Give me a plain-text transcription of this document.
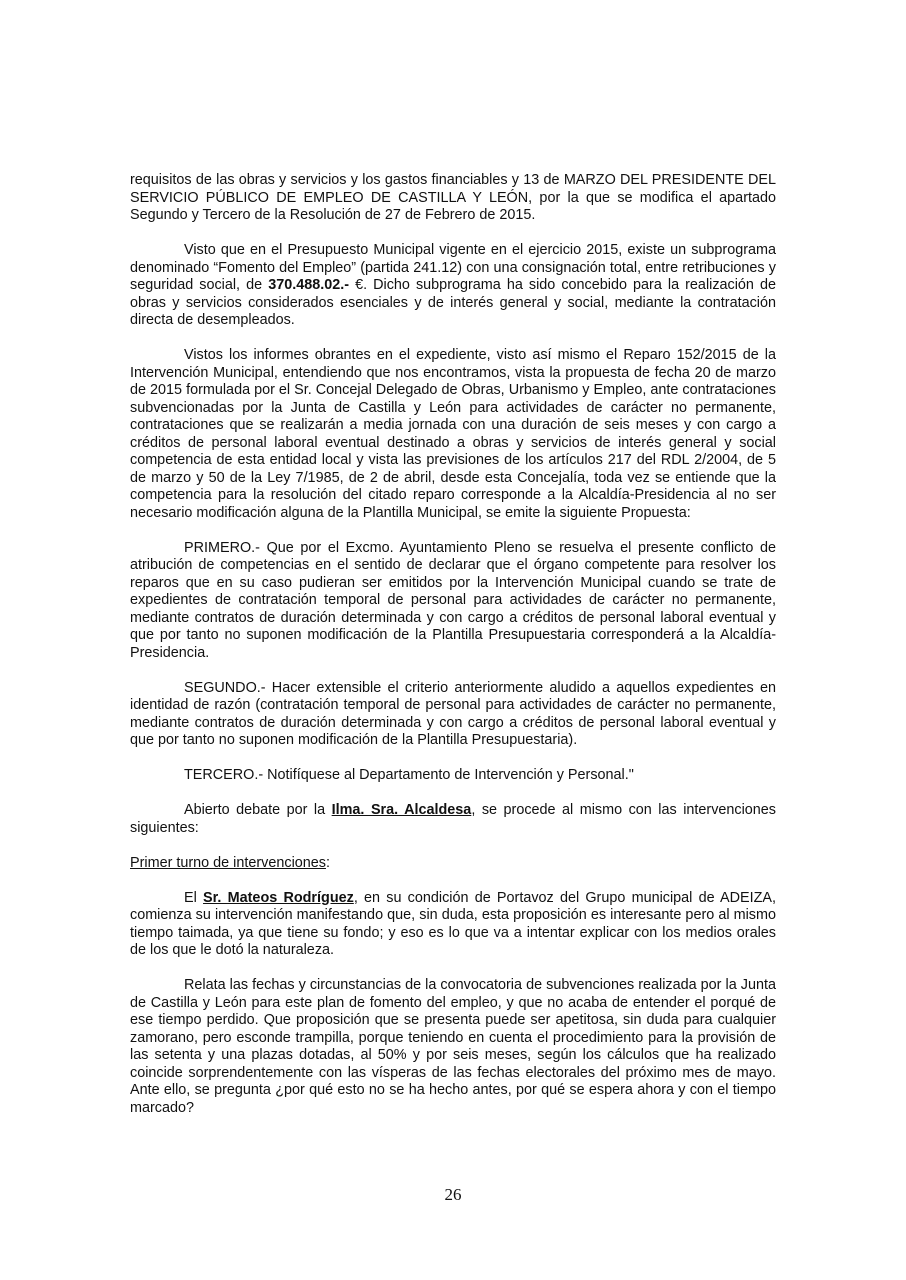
requisitos de las obras y servicios y los gastos financiables y 13 de MARZO DEL PRESIDENTE DEL SERVICIO PÚBLICO DE EMPLEO DE CASTILLA Y LEÓN, por la que se modifica el apartado Segundo y Tercero de la Resolución de 27 de Febrero de 2015.

Visto que en el Presupuesto Municipal vigente en el ejercicio 2015, existe un subprograma denominado “Fomento del Empleo” (partida 241.12) con una consignación total, entre retribuciones y seguridad social, de 370.488.02.- €. Dicho subprograma ha sido concebido para la realización de obras y servicios considerados esenciales y de interés general y social, mediante la contratación directa de desempleados.

Vistos los informes obrantes en el expediente, visto así mismo el Reparo 152/2015 de la Intervención Municipal, entendiendo que nos encontramos, vista la propuesta de fecha 20 de marzo de 2015 formulada por el Sr. Concejal Delegado de Obras, Urbanismo y Empleo, ante contrataciones subvencionadas por la Junta de Castilla y León para actividades de carácter no permanente, contrataciones que se realizarán a media jornada con una duración de seis meses y con cargo a créditos de personal laboral eventual destinado a obras y servicios de interés general y social competencia de esta entidad local y vista las previsiones de los artículos 217 del RDL 2/2004, de 5 de marzo y 50 de la Ley 7/1985, de 2 de abril, desde esta Concejalía, toda vez se entiende que la competencia para la resolución del citado reparo corresponde a la Alcaldía-Presidencia al no ser necesario modificación alguna de la Plantilla Municipal, se emite la siguiente Propuesta:

PRIMERO.- Que por el Excmo. Ayuntamiento Pleno se resuelva el presente conflicto de atribución de competencias en el sentido de declarar que el órgano competente para resolver los reparos que en su caso pudieran ser emitidos por la Intervención Municipal cuando se trate de expedientes de contratación temporal de personal para actividades de carácter no permanente, mediante contratos de duración determinada y con cargo a créditos de personal laboral eventual y que por tanto no suponen modificación de la Plantilla Presupuestaria corresponderá a la Alcaldía-Presidencia.

SEGUNDO.- Hacer extensible el criterio anteriormente aludido a aquellos expedientes en identidad de razón (contratación temporal de personal para actividades de carácter no permanente, mediante contratos de duración determinada y con cargo a créditos de personal laboral eventual y que por tanto no suponen modificación de la Plantilla Presupuestaria).

TERCERO.- Notifíquese al Departamento de Intervención y Personal."

Abierto debate por la Ilma. Sra. Alcaldesa, se procede al mismo con las intervenciones siguientes:

Primer turno de intervenciones:

El Sr. Mateos Rodríguez, en su condición de Portavoz del Grupo municipal de ADEIZA, comienza su intervención manifestando que, sin duda, esta proposición es interesante pero al mismo tiempo taimada, ya que tiene su fondo; y eso es lo que va a intentar explicar con los medios orales de los que le dotó la naturaleza.

Relata las fechas y circunstancias de la convocatoria de subvenciones realizada por la Junta de Castilla y León para este plan de fomento del empleo, y que no acaba de entender el porqué de ese tiempo perdido. Que proposición que se presenta puede ser apetitosa, sin duda para cualquier zamorano, pero esconde trampilla, porque teniendo en cuenta el procedimiento para la provisión de las setenta y una plazas dotadas, al 50% y por seis meses, según los cálculos que ha realizado coincide sorprendentemente con las vísperas de las fechas electorales del próximo mes de mayo. Ante ello, se pregunta ¿por qué esto no se ha hecho antes, por qué se espera ahora y con el tiempo marcado?

26
